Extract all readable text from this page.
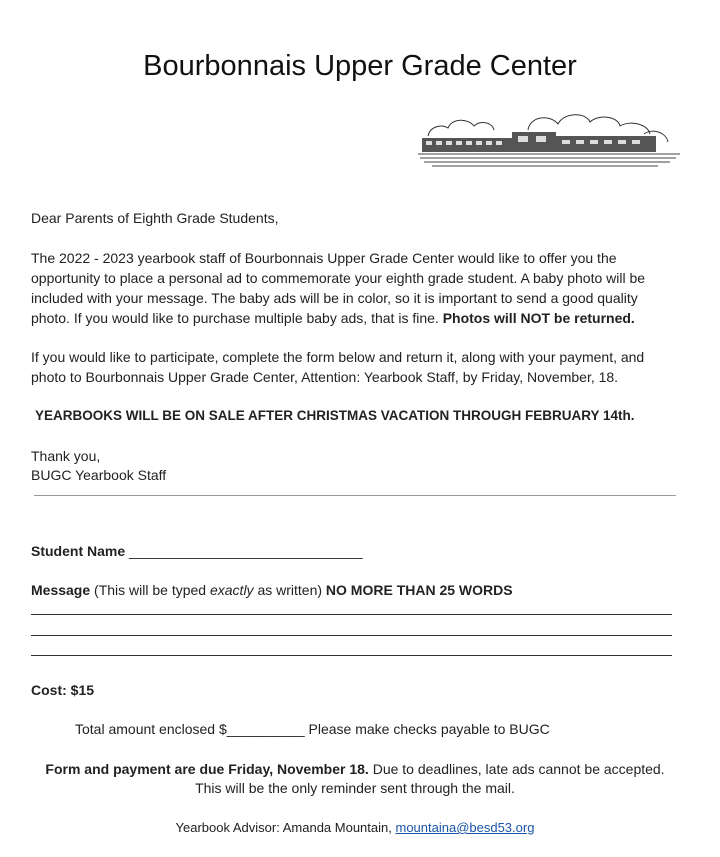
Bourbonnais Upper Grade Center
Dear Parents of Eighth Grade Students,
The 2022 - 2023 yearbook staff of Bourbonnais Upper Grade Center would like to offer you the
opportunity to place a personal ad to commemorate your eighth grade student. A baby photo will be
included with your message. The baby ads will be in color, so it is important to send a good quality
photo. If you would like to purchase multiple baby ads, that is fine. Photos will NOT be returned.
If you would like to participate, complete the form below and return it, along with your payment, and
photo to Bourbonnais Upper Grade Center, Attention: Yearbook Staff, by Friday, November, 18.
YEARBOOKS WILL BE ON SALE AFTER CHRISTMAS VACATION THROUGH FEBRUARY 14th.
Thank you,
BUGC Yearbook Staff
Student Name ______________________________
Message (This will be typed exactly as written) NO MORE THAN 25 WORDS
Cost: $15
Total amount enclosed $__________ Please make checks payable to BUGC
Form and payment are due Friday, November 18. Due to deadlines, late ads cannot be accepted.
This will be the only reminder sent through the mail.
Yearbook Advisor: Amanda Mountain, mountaina@besd53.org
